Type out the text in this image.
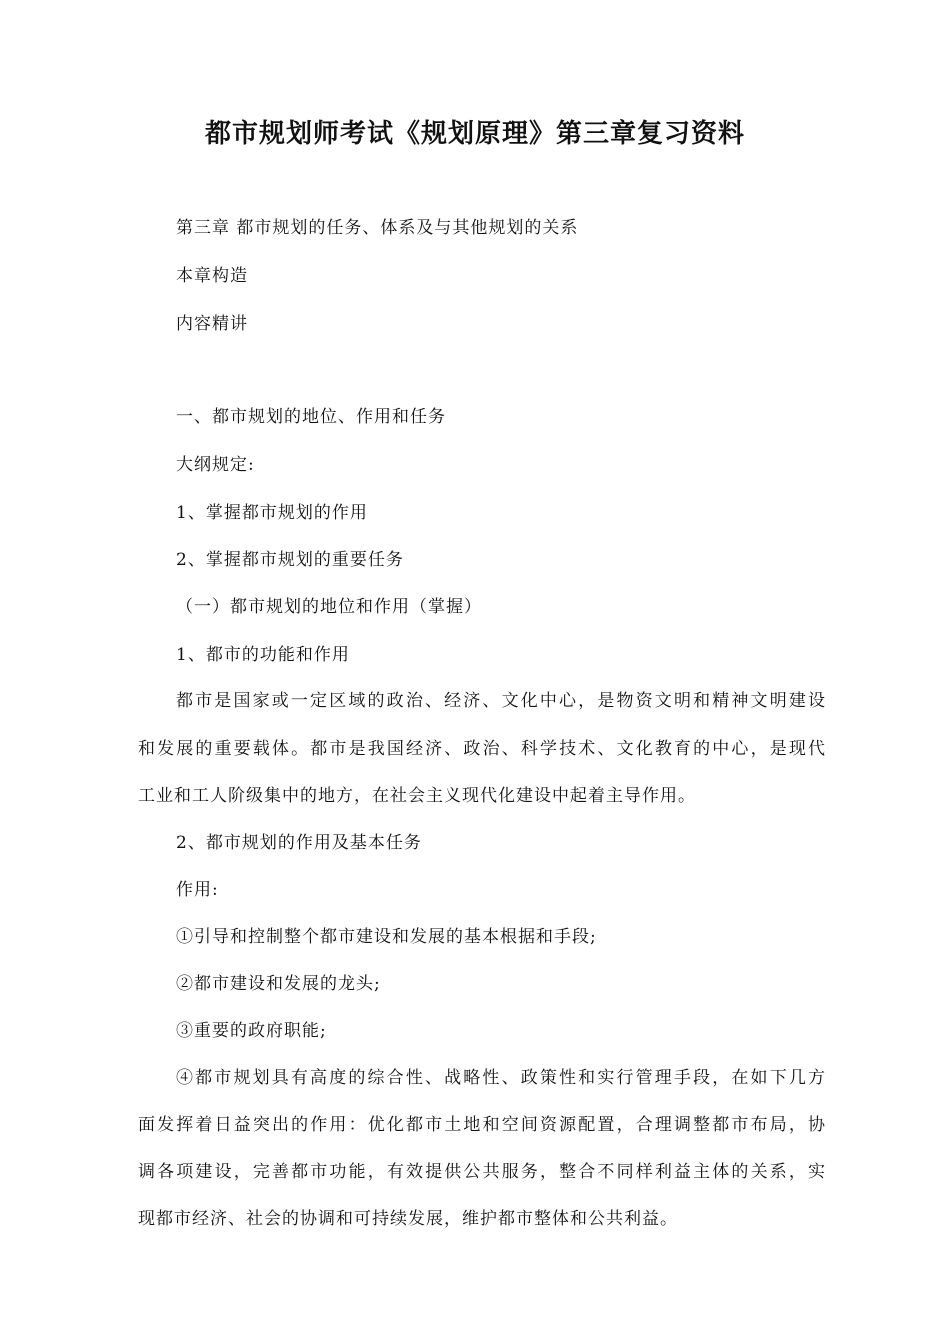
都市规划师考试《规划原理》第三章复习资料
第三章 都市规划的任务、体系及与其他规划的关系
本章构造
内容精讲
一、都市规划的地位、作用和任务
大纲规定:
1、掌握都市规划的作用
2、掌握都市规划的重要任务
（一）都市规划的地位和作用（掌握）
1、都市的功能和作用
都市是国家或一定区域的政治、经济、文化中心，是物资文明和精神文明建设
和发展的重要载体。都市是我国经济、政治、科学技术、文化教育的中心，是现代
工业和工人阶级集中的地方，在社会主义现代化建设中起着主导作用。
2、都市规划的作用及基本任务
作用:
①引导和控制整个都市建设和发展的基本根据和手段;
②都市建设和发展的龙头;
③重要的政府职能;
④都市规划具有高度的综合性、战略性、政策性和实行管理手段，在如下几方
面发挥着日益突出的作用：优化都市土地和空间资源配置，合理调整都市布局，协
调各项建设，完善都市功能，有效提供公共服务，整合不同样利益主体的关系，实
现都市经济、社会的协调和可持续发展，维护都市整体和公共利益。
